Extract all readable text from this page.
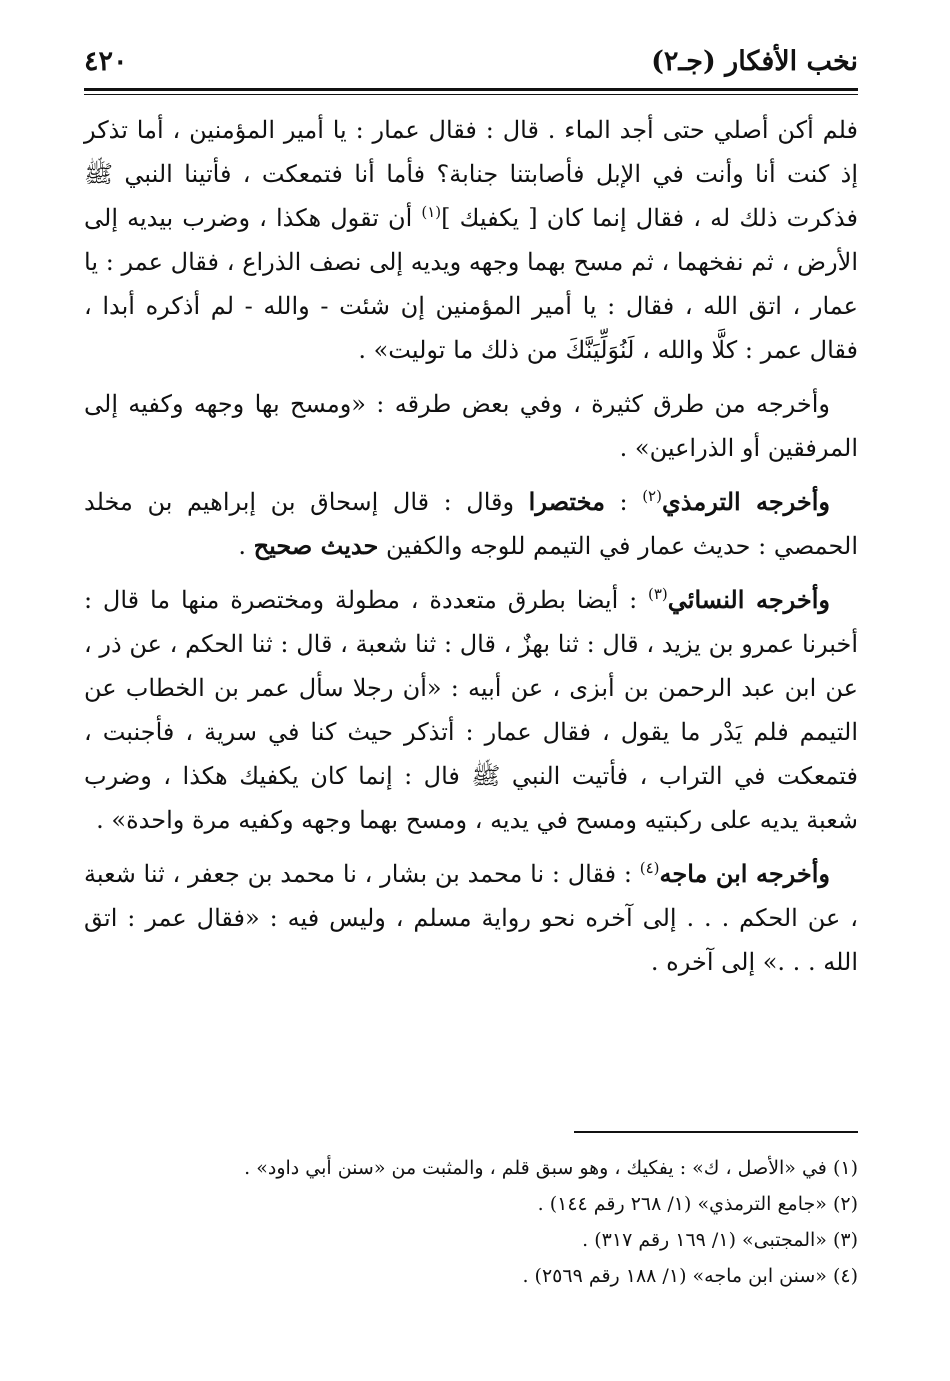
نخب الأفكار (جـ٢)
٤٢٠

فلم أكن أصلي حتى أجد الماء . قال : فقال عمار : يا أمير المؤمنين ، أما تذكر إذ كنت أنا وأنت في الإبل فأصابتنا جنابة؟ فأما أنا فتمعكت ، فأتينا النبي ﷺ فذكرت ذلك له ، فقال إنما كان [ يكفيك ]$^{(١)}$ أن تقول هكذا ، وضرب بيديه إلى الأرض ، ثم نفخهما ، ثم مسح بهما وجهه ويديه إلى نصف الذراع ، فقال عمر : يا عمار ، اتق الله ، فقال : يا أمير المؤمنين إن شئت - والله - لم أذكره أبدا ، فقال عمر : كلَّا والله ، لَنُوَلِّيَنَّكَ من ذلك ما توليت» .

وأخرجه من طرق كثيرة ، وفي بعض طرقه : «ومسح بها وجهه وكفيه إلى المرفقين أو الذراعين» .

وأخرجه الترمذي$^{(٢)}$ : مختصرا وقال : قال إسحاق بن إبراهيم بن مخلد الحمصي : حديث عمار في التيمم للوجه والكفين حديث صحيح .

وأخرجه النسائي$^{(٣)}$ : أيضا بطرق متعددة ، مطولة ومختصرة منها ما قال : أخبرنا عمرو بن يزيد ، قال : ثنا بهزٌ ، قال : ثنا شعبة ، قال : ثنا الحكم ، عن ذر ، عن ابن عبد الرحمن بن أبزى ، عن أبيه : «أن رجلا سأل عمر بن الخطاب عن التيمم فلم يَدْر ما يقول ، فقال عمار : أتذكر حيث كنا في سرية ، فأجنبت ، فتمعكت في التراب ، فأتيت النبي ﷺ فال : إنما كان يكفيك هكذا ، وضرب شعبة يديه على ركبتيه ومسح في يديه ، ومسح بهما وجهه وكفيه مرة واحدة» .

وأخرجه ابن ماجه$^{(٤)}$ : فقال : نا محمد بن بشار ، نا محمد بن جعفر ، ثنا شعبة ، عن الحكم . . . إلى آخره نحو رواية مسلم ، وليس فيه : «فقال عمر : اتق الله . . .» إلى آخره .

(١) في «الأصل ، ك» : يفكيك ، وهو سبق قلم ، والمثبت من «سنن أبي داود» .

(٢) «جامع الترمذي» (١/ ٢٦٨ رقم ١٤٤) .

(٣) «المجتبى» (١/ ١٦٩ رقم ٣١٧) .

(٤) «سنن ابن ماجه» (١/ ١٨٨ رقم ٢٥٦٩) .
